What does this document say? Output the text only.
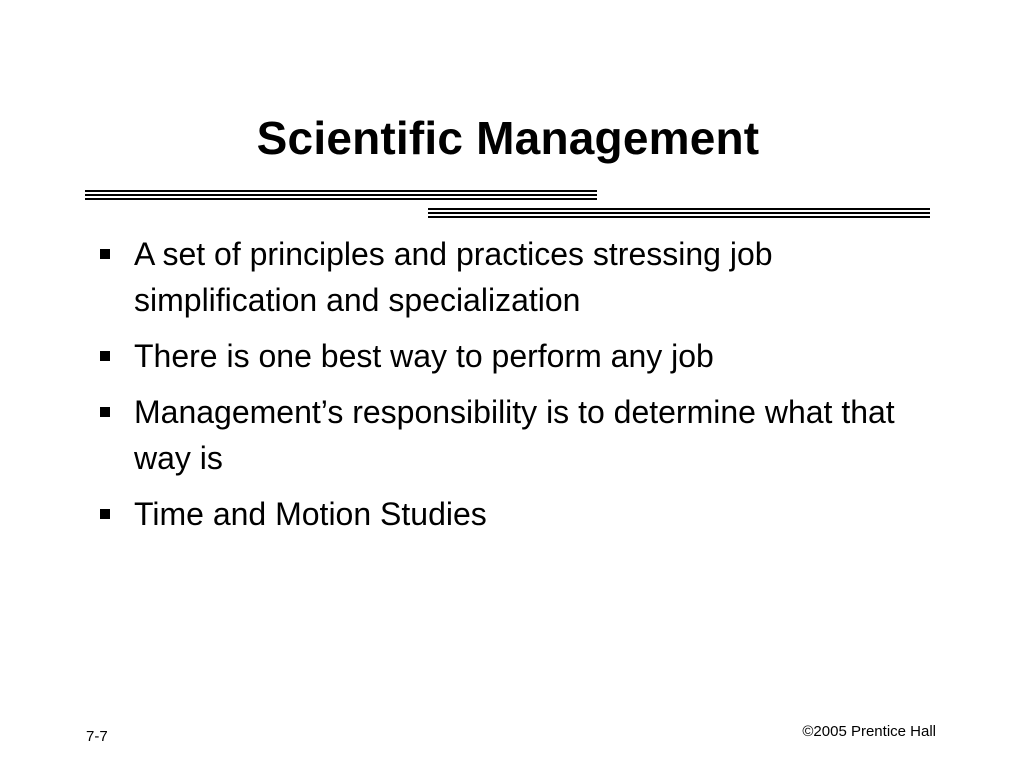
Scientific Management
A set of principles and practices stressing job simplification and specialization
There is one best way to perform any job
Management’s responsibility is to determine what that way is
Time and Motion Studies
7-7	©2005 Prentice Hall
